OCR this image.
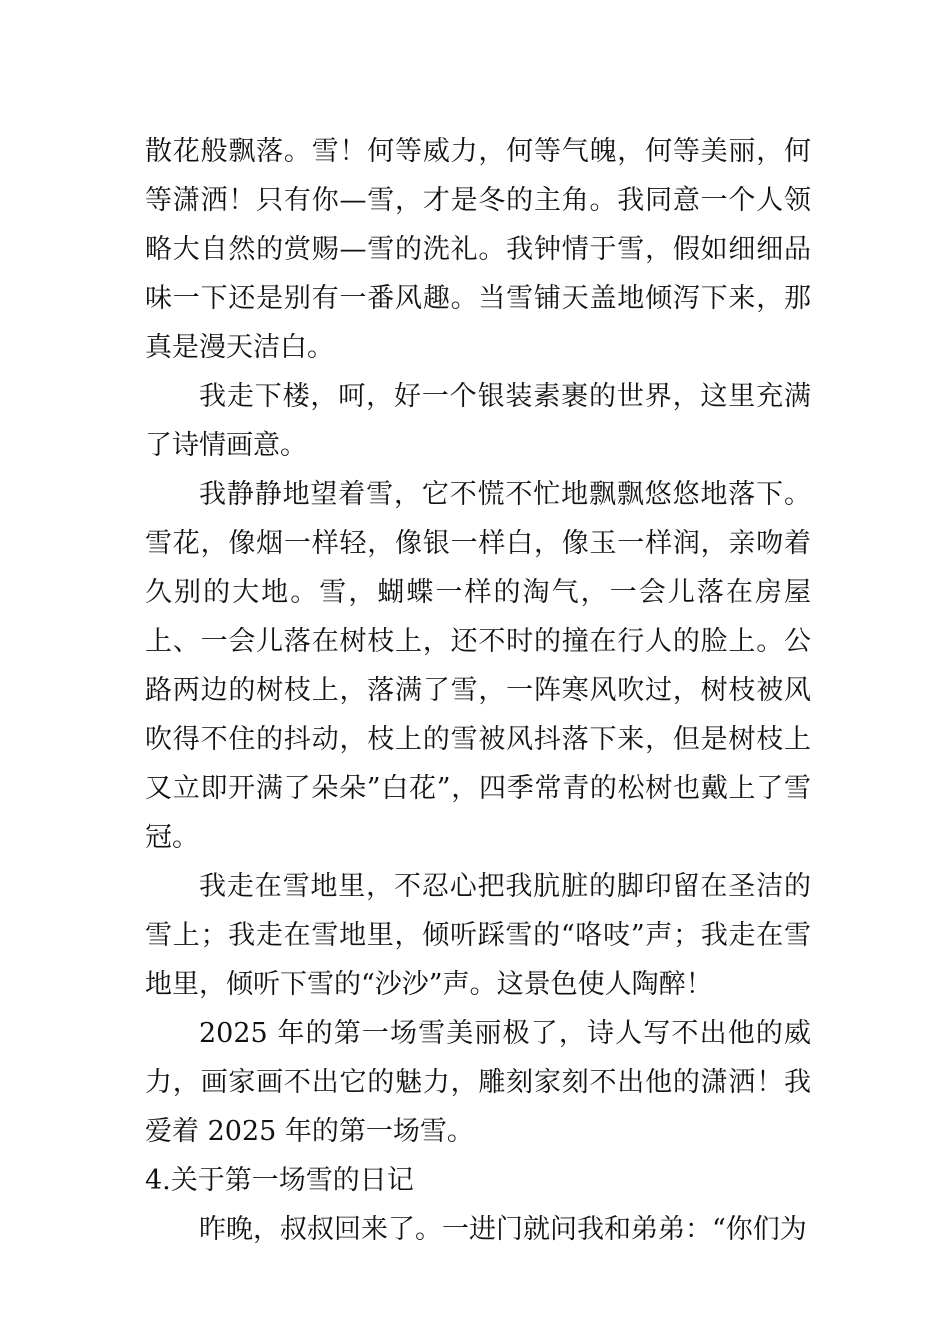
散花般飘落。雪！何等威力，何等气魄，何等美丽，何等潇洒！只有你—雪，才是冬的主角。我同意一个人领略大自然的赏赐—雪的洗礼。我钟情于雪，假如细细品味一下还是别有一番风趣。当雪铺天盖地倾泻下来，那真是漫天洁白。

我走下楼，呵，好一个银装素裹的世界，这里充满了诗情画意。

我静静地望着雪，它不慌不忙地飘飘悠悠地落下。雪花，像烟一样轻，像银一样白，像玉一样润，亲吻着久别的大地。雪，蝴蝶一样的淘气，一会儿落在房屋上、一会儿落在树枝上，还不时的撞在行人的脸上。公路两边的树枝上，落满了雪，一阵寒风吹过，树枝被风吹得不住的抖动，枝上的雪被风抖落下来，但是树枝上又立即开满了朵朵”白花”，四季常青的松树也戴上了雪冠。

我走在雪地里，不忍心把我肮脏的脚印留在圣洁的雪上；我走在雪地里，倾听踩雪的“咯吱”声；我走在雪地里，倾听下雪的“沙沙”声。这景色使人陶醉！

2025 年的第一场雪美丽极了，诗人写不出他的威力，画家画不出它的魅力，雕刻家刻不出他的潇洒！我爱着 2025 年的第一场雪。

4.关于第一场雪的日记

昨晚，叔叔回来了。一进门就问我和弟弟：“你们为
